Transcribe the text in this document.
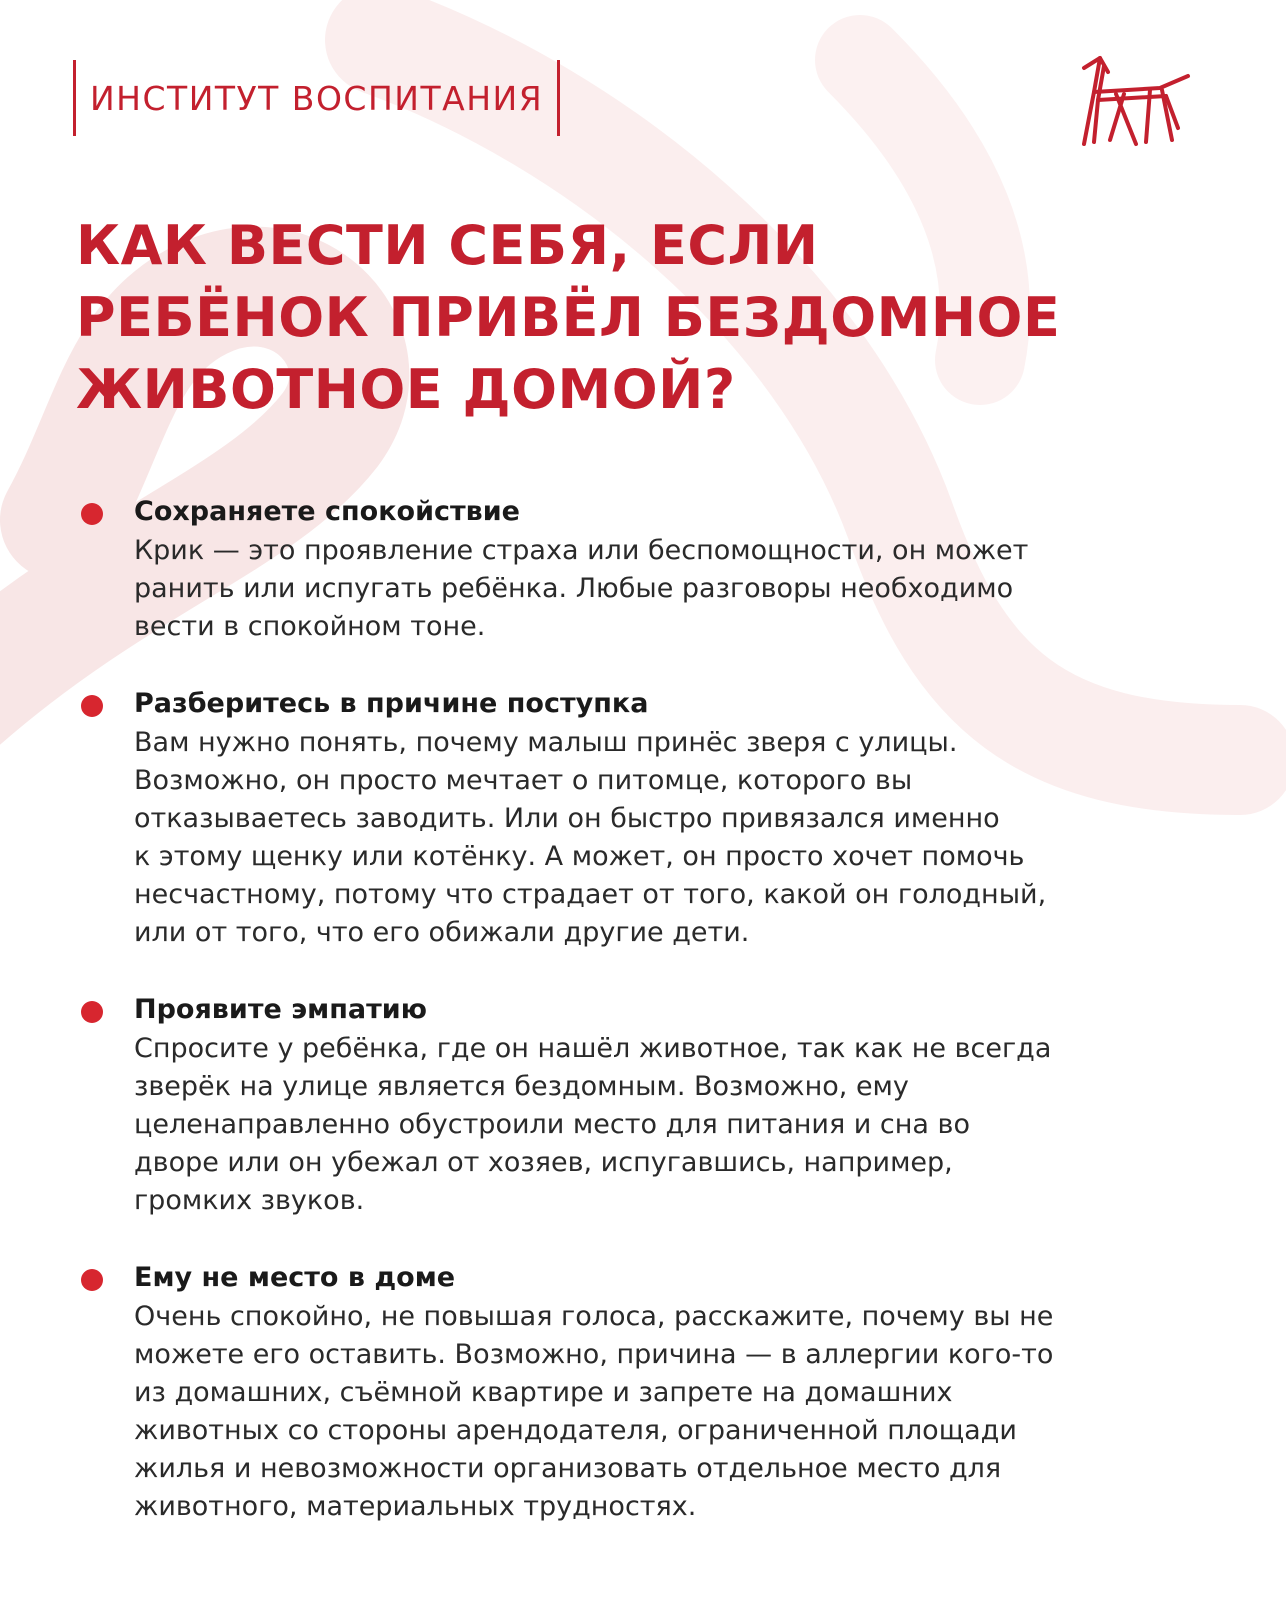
ИНСТИТУТ ВОСПИТАНИЯ
КАК ВЕСТИ СЕБЯ, ЕСЛИ
РЕБЁНОК ПРИВЁЛ БЕЗДОМНОЕ
ЖИВОТНОЕ ДОМОЙ?
Сохраняете спокойствие
Крик — это проявление страха или беспомощности, он может
ранить или испугать ребёнка. Любые разговоры необходимо
вести в спокойном тоне.
Разберитесь в причине поступка
Вам нужно понять, почему малыш принёс зверя с улицы.
Возможно, он просто мечтает о питомце, которого вы
отказываетесь заводить. Или он быстро привязался именно
к этому щенку или котёнку. А может, он просто хочет помочь
несчастному, потому что страдает от того, какой он голодный,
или от того, что его обижали другие дети.
Проявите эмпатию
Спросите у ребёнка, где он нашёл животное, так как не всегда
зверёк на улице является бездомным. Возможно, ему
целенаправленно обустроили место для питания и сна во
дворе или он убежал от хозяев, испугавшись, например,
громких звуков.
Ему не место в доме
Очень спокойно, не повышая голоса, расскажите, почему вы не
можете его оставить. Возможно, причина — в аллергии кого-то
из домашних, съёмной квартире и запрете на домашних
животных со стороны арендодателя, ограниченной площади
жилья и невозможности организовать отдельное место для
животного, материальных трудностях.
